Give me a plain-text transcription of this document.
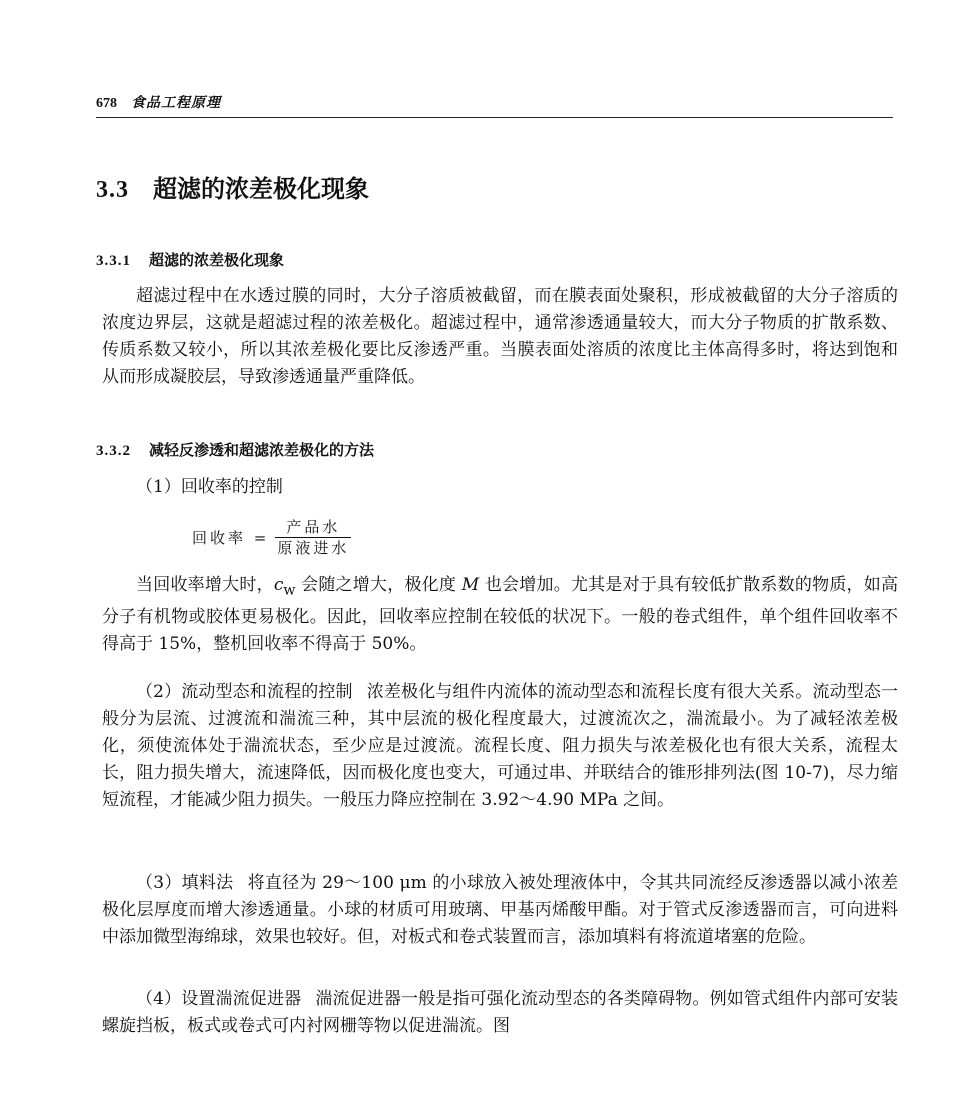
678 食品工程原理
3.3 超滤的浓差极化现象
3.3.1 超滤的浓差极化现象

超滤过程中在水透过膜的同时，大分子溶质被截留，而在膜表面处聚积，形成被截留的大分子溶质的浓度边界层，这就是超滤过程的浓差极化。超滤过程中，通常渗透通量较大，而大分子物质的扩散系数、传质系数又较小，所以其浓差极化要比反渗透严重。当膜表面处溶质的浓度比主体高得多时，将达到饱和从而形成凝胶层，导致渗透通量严重降低。

3.3.2 减轻反渗透和超滤浓差极化的方法
（1）回收率的控制
回收率 = $\frac{\text{产品水}}{\text{原液进水}}$

当回收率增大时，$c_w$ 会随之增大，极化度 M 也会增加。尤其是对于具有较低扩散系数的物质，如高分子有机物或胶体更易极化。因此，回收率应控制在较低的状况下。一般的卷式组件，单个组件回收率不得高于 15%，整机回收率不得高于 50%。

（2）流动型态和流程的控制 浓差极化与组件内流体的流动型态和流程长度有很大关系。流动型态一般分为层流、过渡流和湍流三种，其中层流的极化程度最大，过渡流次之，湍流最小。为了减轻浓差极化，须使流体处于湍流状态，至少应是过渡流。流程长度、阻力损失与浓差极化也有很大关系，流程太长，阻力损失增大，流速降低，因而极化度也变大，可通过串、并联结合的锥形排列法(图 10-7)，尽力缩短流程，才能减少阻力损失。一般压力降应控制在 3.92～4.90 MPa 之间。

（3）填料法 将直径为 29～100 μm 的小球放入被处理液体中，令其共同流经反渗透器以减小浓差极化层厚度而增大渗透通量。小球的材质可用玻璃、甲基丙烯酸甲酯。对于管式反渗透器而言，可向进料中添加微型海绵球，效果也较好。但，对板式和卷式装置而言，添加填料有将流道堵塞的危险。

（4）设置湍流促进器 湍流促进器一般是指可强化流动型态的各类障碍物。例如管式组件内部可安装螺旋挡板，板式或卷式可内衬网栅等物以促进湍流。图
